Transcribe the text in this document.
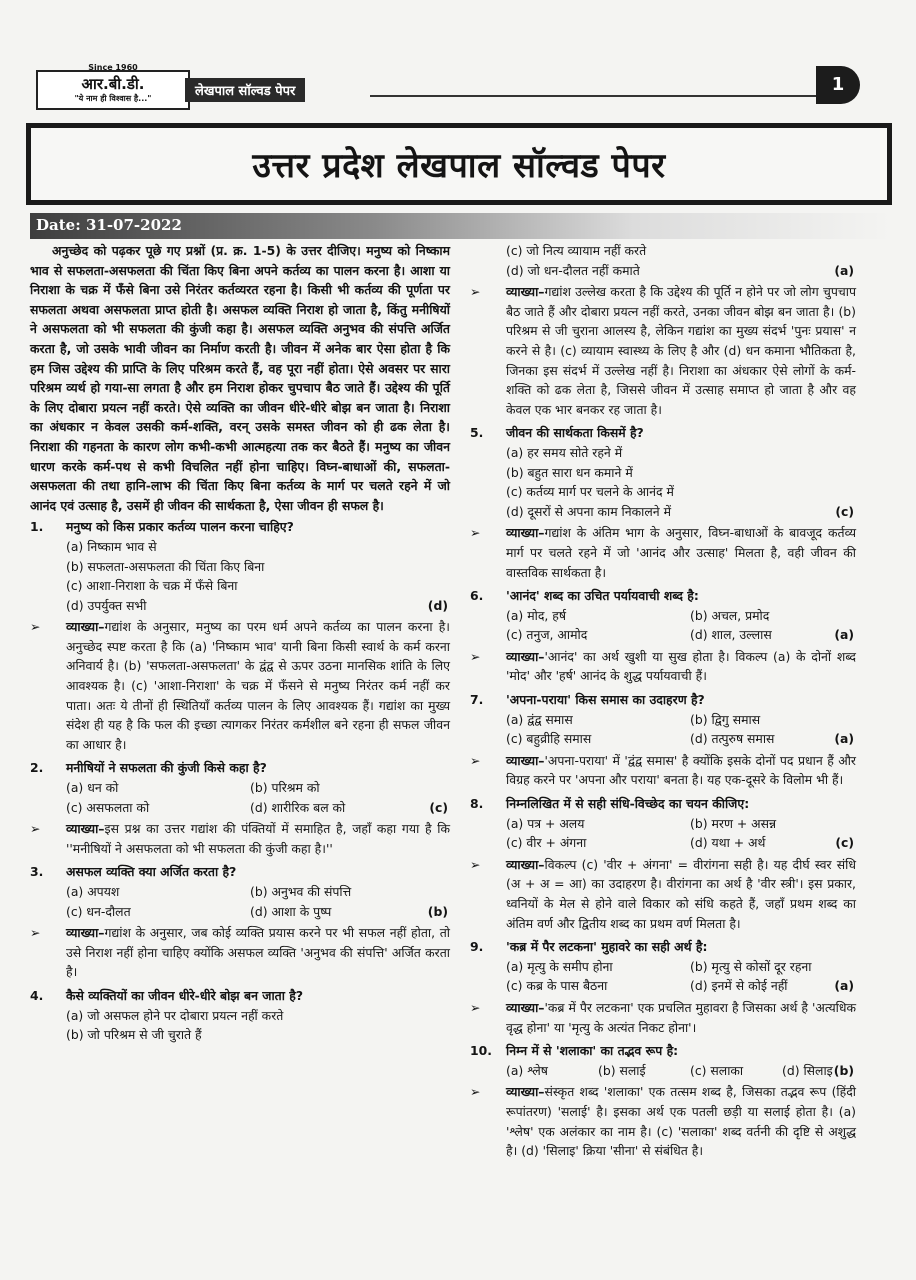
Since 1960
आर.बी.डी.
"ये नाम ही विश्वास है..."	लेखपाल सॉल्वड पेपर	1
उत्तर प्रदेश लेखपाल सॉल्वड पेपर
Date: 31-07-2022

अनुच्छेद को पढ़कर पूछे गए प्रश्नों (प्र. क्र. 1-5) के उत्तर दीजिए। मनुष्य को निष्काम भाव से सफलता-असफलता की चिंता किए बिना अपने कर्तव्य का पालन करना है। आशा या निराशा के चक्र में फँसे बिना उसे निरंतर कर्तव्यरत रहना है। किसी भी कर्तव्य की पूर्णता पर सफलता अथवा असफलता प्राप्त होती है। असफल व्यक्ति निराश हो जाता है, किंतु मनीषियों ने असफलता को भी सफलता की कुंजी कहा है। असफल व्यक्ति अनुभव की संपत्ति अर्जित करता है, जो उसके भावी जीवन का निर्माण करती है। जीवन में अनेक बार ऐसा होता है कि हम जिस उद्देश्य की प्राप्ति के लिए परिश्रम करते हैं, वह पूरा नहीं होता। ऐसे अवसर पर सारा परिश्रम व्यर्थ हो गया-सा लगता है और हम निराश होकर चुपचाप बैठ जाते हैं। उद्देश्य की पूर्ति के लिए दोबारा प्रयत्न नहीं करते। ऐसे व्यक्ति का जीवन धीरे-धीरे बोझ बन जाता है। निराशा का अंधकार न केवल उसकी कर्म-शक्ति, वरन् उसके समस्त जीवन को ही ढक लेता है। निराशा की गहनता के कारण लोग कभी-कभी आत्महत्या तक कर बैठते हैं। मनुष्य का जीवन धारण करके कर्म-पथ से कभी विचलित नहीं होना चाहिए। विघ्न-बाधाओं की, सफलता-असफलता की तथा हानि-लाभ की चिंता किए बिना कर्तव्य के मार्ग पर चलते रहने में जो आनंद एवं उत्साह है, उसमें ही जीवन की सार्थकता है, ऐसा जीवन ही सफल है।

1.	मनुष्य को किस प्रकार कर्तव्य पालन करना चाहिए?
(a) निष्काम भाव से
(b) सफलता-असफलता की चिंता किए बिना
(c) आशा-निराशा के चक्र में फँसे बिना
(d) उपर्युक्त सभी	(d)
➢	व्याख्या–गद्यांश के अनुसार, मनुष्य का परम धर्म अपने कर्तव्य का पालन करना है। अनुच्छेद स्पष्ट करता है कि (a) 'निष्काम भाव' यानी बिना किसी स्वार्थ के कर्म करना अनिवार्य है। (b) 'सफलता-असफलता' के द्वंद्व से ऊपर उठना मानसिक शांति के लिए आवश्यक है। (c) 'आशा-निराशा' के चक्र में फँसने से मनुष्य निरंतर कर्म नहीं कर पाता। अतः ये तीनों ही स्थितियाँ कर्तव्य पालन के लिए आवश्यक हैं। गद्यांश का मुख्य संदेश ही यह है कि फल की इच्छा त्यागकर निरंतर कर्मशील बने रहना ही सफल जीवन का आधार है।
2.	मनीषियों ने सफलता की कुंजी किसे कहा है?
(a) धन को	(b) परिश्रम को
(c) असफलता को	(d) शारीरिक बल को	(c)
➢	व्याख्या–इस प्रश्न का उत्तर गद्यांश की पंक्तियों में समाहित है, जहाँ कहा गया है कि ''मनीषियों ने असफलता को भी सफलता की कुंजी कहा है।''
3.	असफल व्यक्ति क्या अर्जित करता है?
(a) अपयश	(b) अनुभव की संपत्ति
(c) धन-दौलत	(d) आशा के पुष्प	(b)
➢	व्याख्या–गद्यांश के अनुसार, जब कोई व्यक्ति प्रयास करने पर भी सफल नहीं होता, तो उसे निराश नहीं होना चाहिए क्योंकि असफल व्यक्ति 'अनुभव की संपत्ति' अर्जित करता है।
4.	कैसे व्यक्तियों का जीवन धीरे-धीरे बोझ बन जाता है?
(a) जो असफल होने पर दोबारा प्रयत्न नहीं करते
(b) जो परिश्रम से जी चुराते हैं
(c) जो नित्य व्यायाम नहीं करते
(d) जो धन-दौलत नहीं कमाते	(a)
➢	व्याख्या–गद्यांश उल्लेख करता है कि उद्देश्य की पूर्ति न होने पर जो लोग चुपचाप बैठ जाते हैं और दोबारा प्रयत्न नहीं करते, उनका जीवन बोझ बन जाता है। (b) परिश्रम से जी चुराना आलस्य है, लेकिन गद्यांश का मुख्य संदर्भ 'पुनः प्रयास' न करने से है। (c) व्यायाम स्वास्थ्य के लिए है और (d) धन कमाना भौतिकता है, जिनका इस संदर्भ में उल्लेख नहीं है। निराशा का अंधकार ऐसे लोगों के कर्म-शक्ति को ढक लेता है, जिससे जीवन में उत्साह समाप्त हो जाता है और वह केवल एक भार बनकर रह जाता है।
5.	जीवन की सार्थकता किसमें है?
(a) हर समय सोते रहने में
(b) बहुत सारा धन कमाने में
(c) कर्तव्य मार्ग पर चलने के आनंद में
(d) दूसरों से अपना काम निकालने में	(c)
➢	व्याख्या–गद्यांश के अंतिम भाग के अनुसार, विघ्न-बाधाओं के बावजूद कर्तव्य मार्ग पर चलते रहने में जो 'आनंद और उत्साह' मिलता है, वही जीवन की वास्तविक सार्थकता है।
6.	'आनंद' शब्द का उचित पर्यायवाची शब्द है:
(a) मोद, हर्ष	(b) अचल, प्रमोद
(c) तनुज, आमोद	(d) शाल, उल्लास	(a)
➢	व्याख्या–'आनंद' का अर्थ खुशी या सुख होता है। विकल्प (a) के दोनों शब्द 'मोद' और 'हर्ष' आनंद के शुद्ध पर्यायवाची हैं।
7.	'अपना-पराया' किस समास का उदाहरण है?
(a) द्वंद्व समास	(b) द्विगु समास
(c) बहुव्रीहि समास	(d) तत्पुरुष समास	(a)
➢	व्याख्या–'अपना-पराया' में 'द्वंद्व समास' है क्योंकि इसके दोनों पद प्रधान हैं और विग्रह करने पर 'अपना और पराया' बनता है। यह एक-दूसरे के विलोम भी हैं।
8.	निम्नलिखित में से सही संधि-विच्छेद का चयन कीजिए:
(a) पत्र + अलय	(b) मरण + असन्न
(c) वीर + अंगना	(d) यथा + अर्थ	(c)
➢	व्याख्या–विकल्प (c) 'वीर + अंगना' = वीरांगना सही है। यह दीर्घ स्वर संधि (अ + अ = आ) का उदाहरण है। वीरांगना का अर्थ है 'वीर स्त्री'। इस प्रकार, ध्वनियों के मेल से होने वाले विकार को संधि कहते हैं, जहाँ प्रथम शब्द का अंतिम वर्ण और द्वितीय शब्द का प्रथम वर्ण मिलता है।
9.	'कब्र में पैर लटकना' मुहावरे का सही अर्थ है:
(a) मृत्यु के समीप होना	(b) मृत्यु से कोसों दूर रहना
(c) कब्र के पास बैठना	(d) इनमें से कोई नहीं	(a)
➢	व्याख्या–'कब्र में पैर लटकना' एक प्रचलित मुहावरा है जिसका अर्थ है 'अत्यधिक वृद्ध होना' या 'मृत्यु के अत्यंत निकट होना'।
10.	निम्न में से 'शलाका' का तद्भव रूप है:
(a) श्लेष	(b) सलाई	(c) सलाका	(d) सिलाइ (b)
➢	व्याख्या–संस्कृत शब्द 'शलाका' एक तत्सम शब्द है, जिसका तद्भव रूप (हिंदी रूपांतरण) 'सलाई' है। इसका अर्थ एक पतली छड़ी या सलाई होता है। (a) 'श्लेष' एक अलंकार का नाम है। (c) 'सलाका' शब्द वर्तनी की दृष्टि से अशुद्ध है। (d) 'सिलाइ' क्रिया 'सीना' से संबंधित है।
